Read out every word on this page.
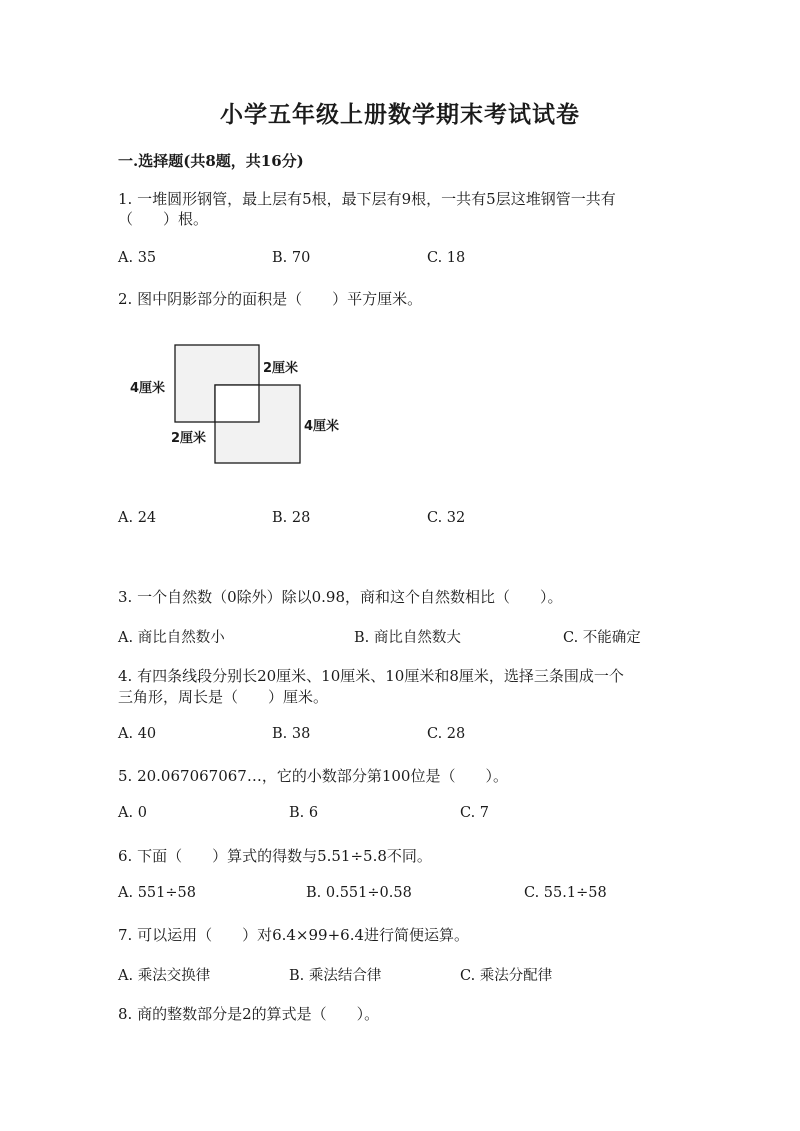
小学五年级上册数学期末考试试卷
一.选择题(共8题，共16分)
1. 一堆圆形钢管，最上层有5根，最下层有9根，一共有5层这堆钢管一共有
（　　）根。
A. 35	B. 70	C. 18
2. 图中阴影部分的面积是（　　）平方厘米。
4厘米
2厘米
2厘米
4厘米
A. 24	B. 28	C. 32
3. 一个自然数（0除外）除以0.98，商和这个自然数相比（　　）。
A. 商比自然数小	B. 商比自然数大	C. 不能确定
4. 有四条线段分别长20厘米、10厘米、10厘米和8厘米，选择三条围成一个
三角形，周长是（　　）厘米。
A. 40	B. 38	C. 28
5. 20.067067067…，它的小数部分第100位是（　　）。
A. 0	B. 6	C. 7
6. 下面（　　）算式的得数与5.51÷5.8不同。
A. 551÷58	B. 0.551÷0.58	C. 55.1÷58
7. 可以运用（　　）对6.4×99+6.4进行简便运算。
A. 乘法交换律	B. 乘法结合律	C. 乘法分配律
8. 商的整数部分是2的算式是（　　）。
